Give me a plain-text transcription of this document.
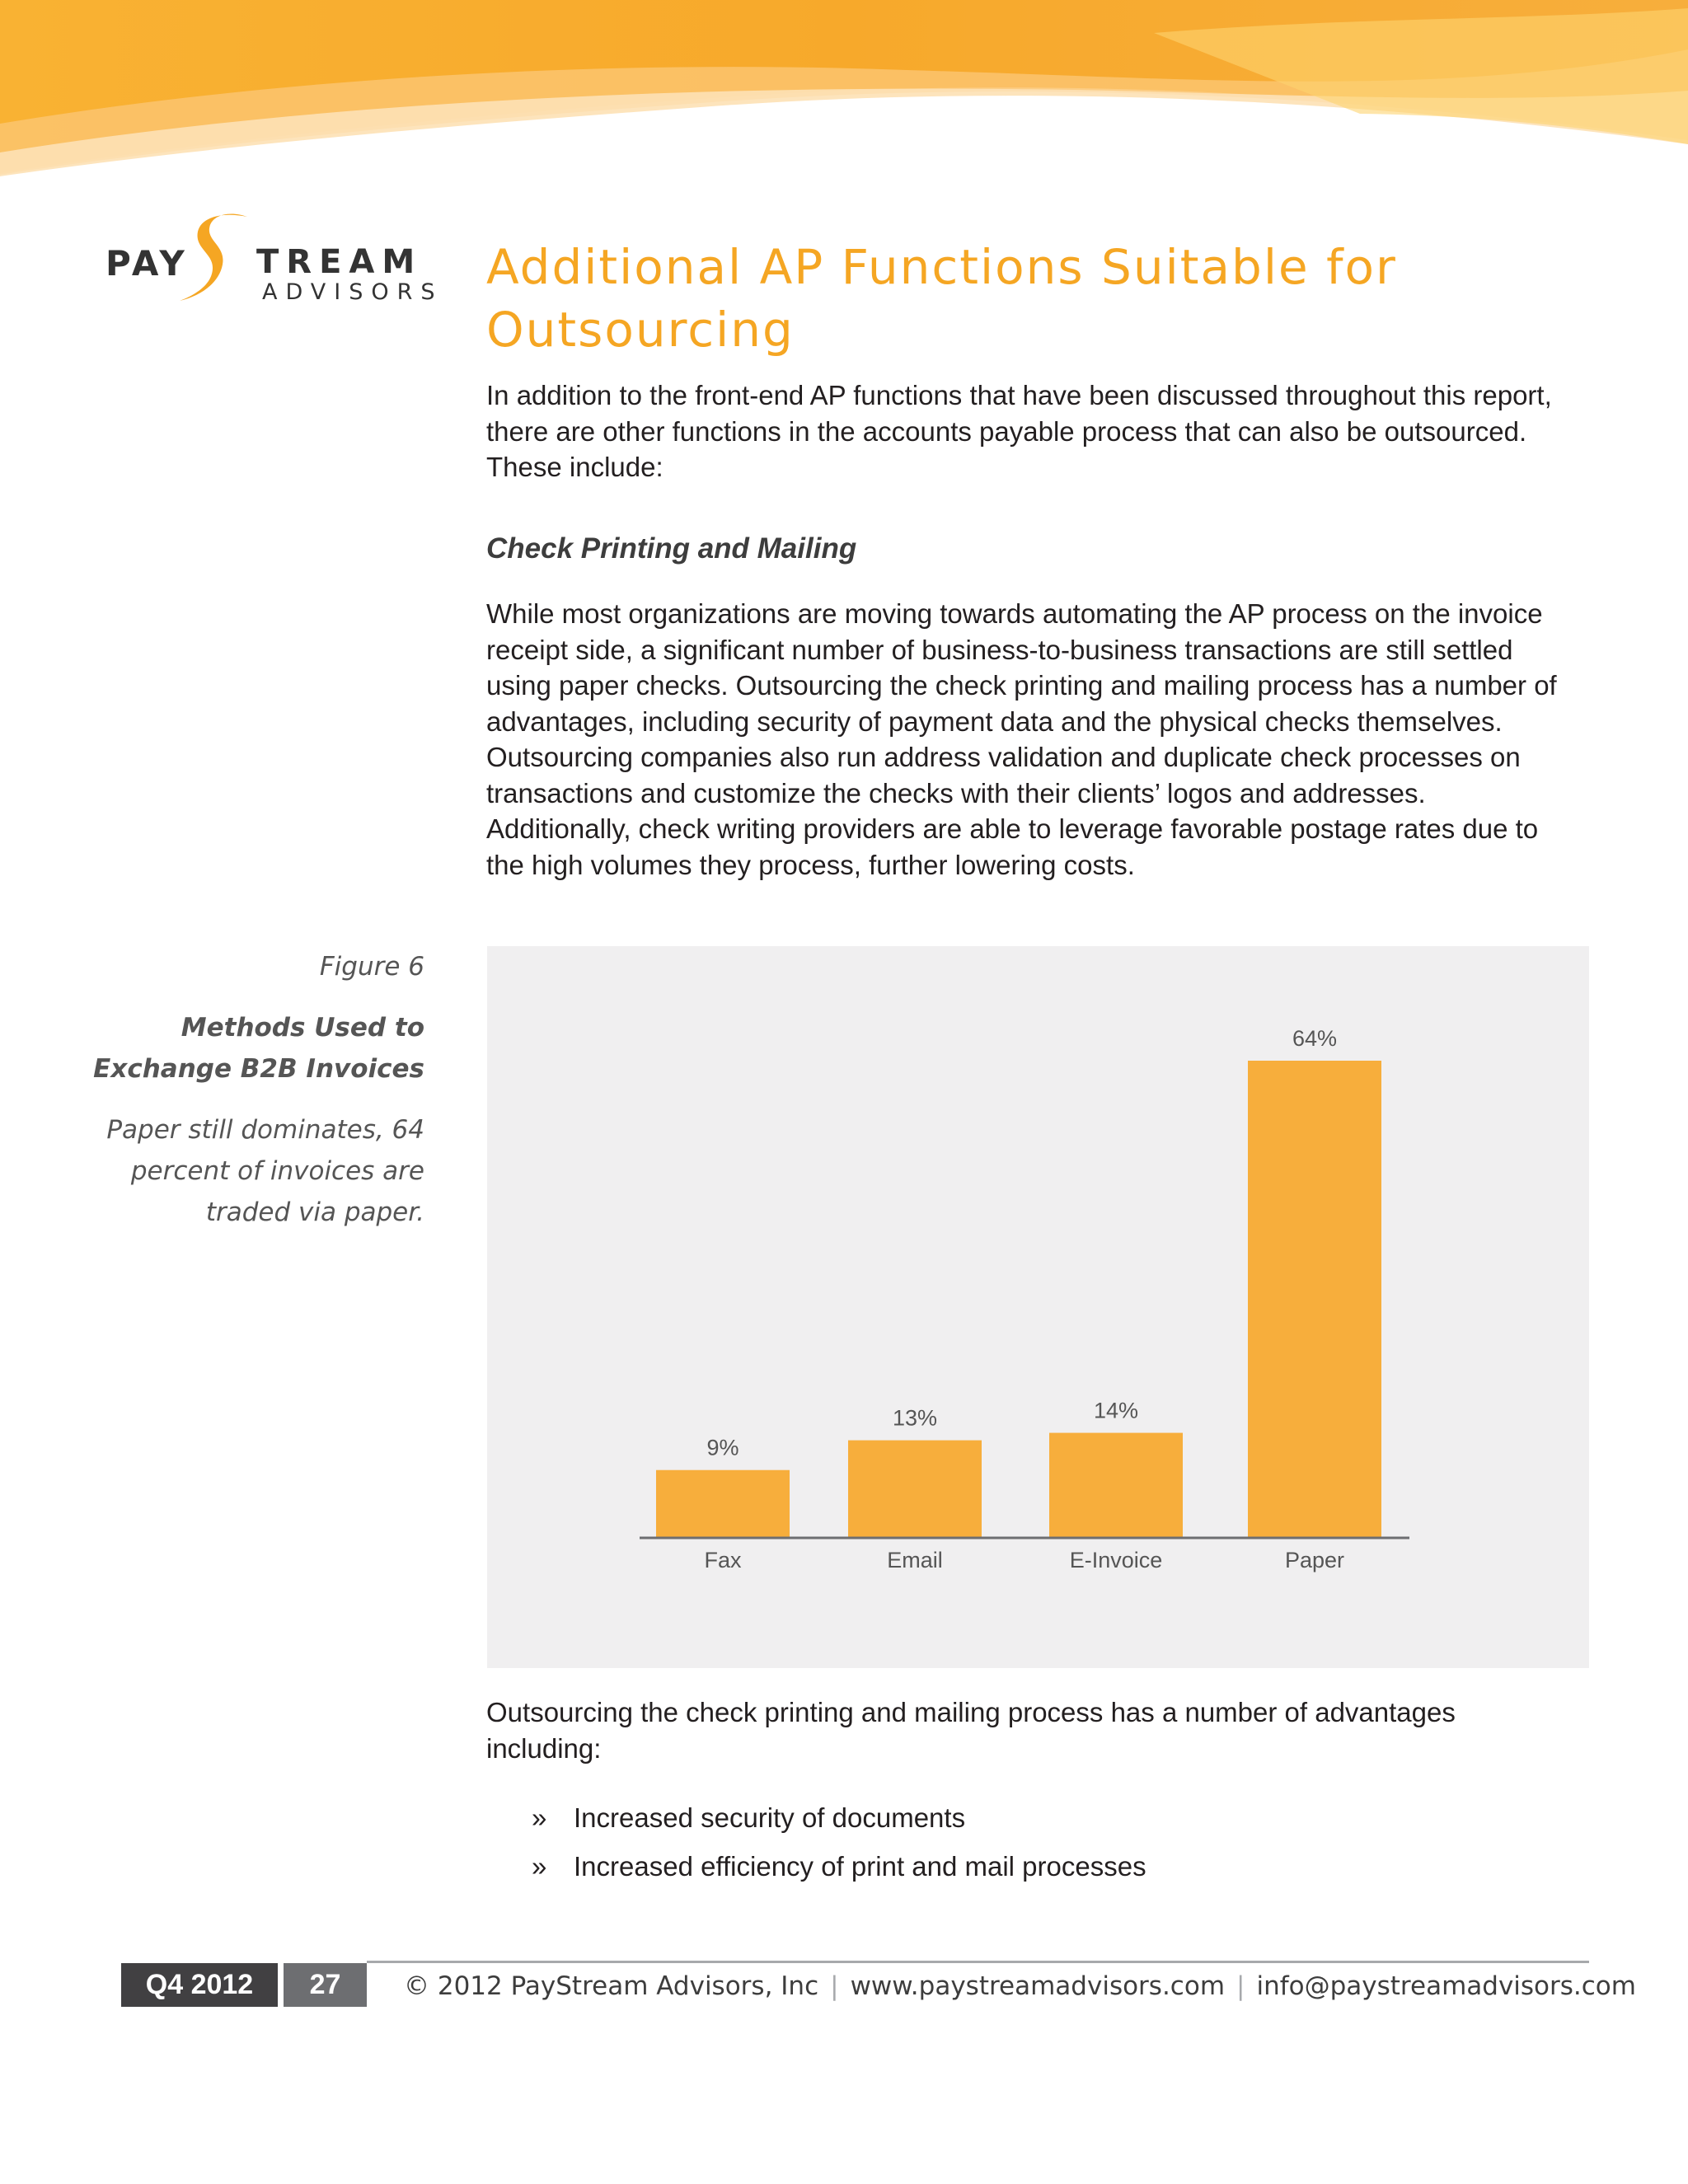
PAY TREAM
ADVISORS Additional AP Functions Suitable for Outsourcing

In addition to the front-end AP functions that have been discussed throughout this report, there are other functions in the accounts payable process that can also be outsourced. These include:

Check Printing and Mailing

While most organizations are moving towards automating the AP process on the invoice receipt side, a significant number of business-to-business transactions are still settled using paper checks. Outsourcing the check printing and mailing process has a number of advantages, including security of payment data and the physical checks themselves. Outsourcing companies also run address validation and duplicate check processes on transactions and customize the checks with their clients’ logos and addresses. Additionally, check writing providers are able to leverage favorable postage rates due to the high volumes they process, further lowering costs.

Figure 6

Methods Used to Exchange B2B Invoices

Paper still dominates, 64 percent of invoices are traded via paper.

9%
Fax
13%
Email
14%
E-Invoice
64%
Paper

Outsourcing the check printing and mailing process has a number of advantages including:

» Increased security of documents
» Increased efficiency of print and mail processes
Q4 2012	27	© 2012 PayStream Advisors, Inc | www.paystreamadvisors.com | info@paystreamadvisors.com
